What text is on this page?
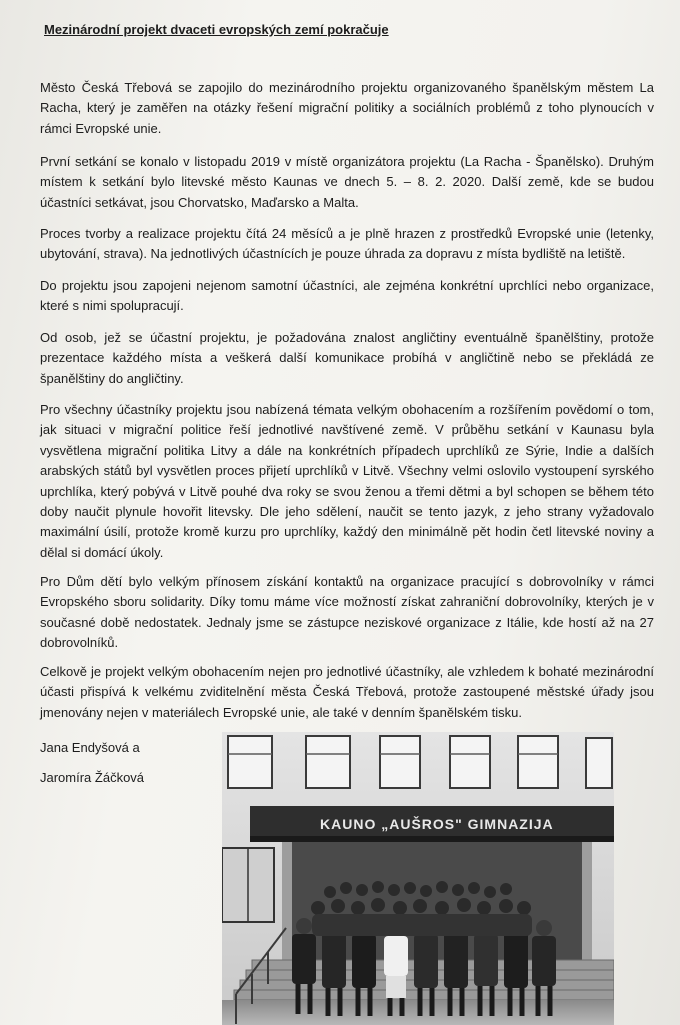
Mezinárodní projekt dvaceti evropských zemí pokračuje

Město Česká Třebová se zapojilo do mezinárodního projektu organizovaného španělským městem La Racha, který je zaměřen na otázky řešení migrační politiky a sociálních problémů z toho plynoucích v rámci Evropské unie.

První setkání se konalo v listopadu 2019 v místě organizátora projektu (La Racha - Španělsko). Druhým místem k setkání bylo litevské město Kaunas ve dnech 5. – 8. 2. 2020. Další země, kde se budou účastníci setkávat, jsou Chorvatsko, Maďarsko a Malta.

Proces tvorby a realizace projektu čítá 24 měsíců a je plně hrazen z prostředků Evropské unie (letenky, ubytování, strava). Na jednotlivých účastnících je pouze úhrada za dopravu z místa bydliště na letiště.

Do projektu jsou zapojeni nejenom samotní účastníci, ale zejména konkrétní uprchlíci nebo organizace, které s nimi spolupracují.

Od osob, jež se účastní projektu, je požadována znalost angličtiny eventuálně španělštiny, protože prezentace každého místa a veškerá další komunikace probíhá v angličtině nebo se překládá ze španělštiny do angličtiny.

Pro všechny účastníky projektu jsou nabízená témata velkým obohacením a rozšířením povědomí o tom, jak situaci v migrační politice řeší jednotlivé navštívené země. V průběhu setkání v Kaunasu byla vysvětlena migrační politika Litvy a dále na konkrétních případech uprchlíků ze Sýrie, Indie a dalších arabských států byl vysvětlen proces přijetí uprchlíků v Litvě. Všechny velmi oslovilo vystoupení syrského uprchlíka, který pobývá v Litvě pouhé dva roky se svou ženou a třemi dětmi a byl schopen se během této doby naučit plynule hovořit litevsky. Dle jeho sdělení, naučit se tento jazyk, z jeho strany vyžadovalo maximální úsilí, protože kromě kurzu pro uprchlíky, každý den minimálně pět hodin četl litevské noviny a dělal si domácí úkoly.

Pro Dům dětí bylo velkým přínosem získání kontaktů na organizace pracující s dobrovolníky v rámci Evropského sboru solidarity. Díky tomu máme více možností získat zahraniční dobrovolníky, kterých je v současné době nedostatek. Jednaly jsme se zástupce neziskové organizace z Itálie, kde hostí až na 27 dobrovolníků.

Celkově je projekt velkým obohacením nejen pro jednotlivé účastníky, ale vzhledem k bohaté mezinárodní účasti přispívá k velkému zviditelnění města Česká Třebová, protože zastoupené městské úřady jsou jmenovány nejen v materiálech Evropské unie, ale také v denním španělském tisku.

Jana Endyšová a
Jaromíra Žáčková
KAUNO „AUŠROS" GIMNAZIJA
